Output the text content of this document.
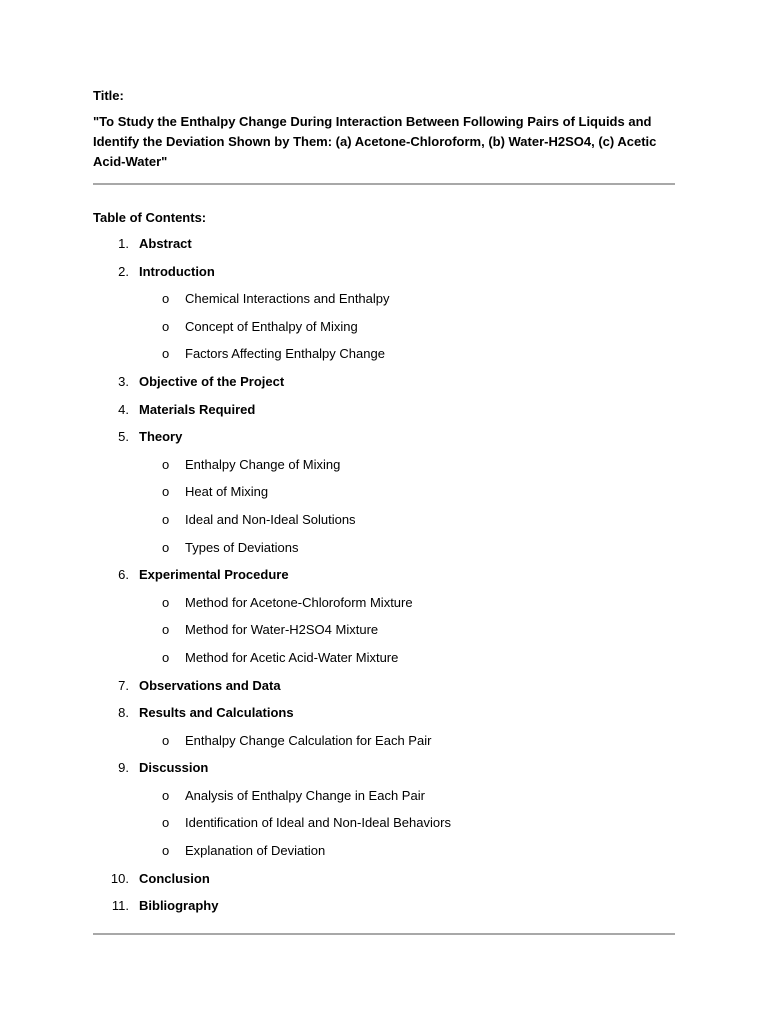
Title:

"To Study the Enthalpy Change During Interaction Between Following Pairs of Liquids and Identify the Deviation Shown by Them: (a) Acetone-Chloroform, (b) Water-H2SO4, (c) Acetic Acid-Water"

Table of Contents:

1. Abstract
2. Introduction
o Chemical Interactions and Enthalpy
o Concept of Enthalpy of Mixing
o Factors Affecting Enthalpy Change
3. Objective of the Project
4. Materials Required
5. Theory
o Enthalpy Change of Mixing
o Heat of Mixing
o Ideal and Non-Ideal Solutions
o Types of Deviations
6. Experimental Procedure
o Method for Acetone-Chloroform Mixture
o Method for Water-H2SO4 Mixture
o Method for Acetic Acid-Water Mixture
7. Observations and Data
8. Results and Calculations
o Enthalpy Change Calculation for Each Pair
9. Discussion
o Analysis of Enthalpy Change in Each Pair
o Identification of Ideal and Non-Ideal Behaviors
o Explanation of Deviation
10. Conclusion
11. Bibliography
